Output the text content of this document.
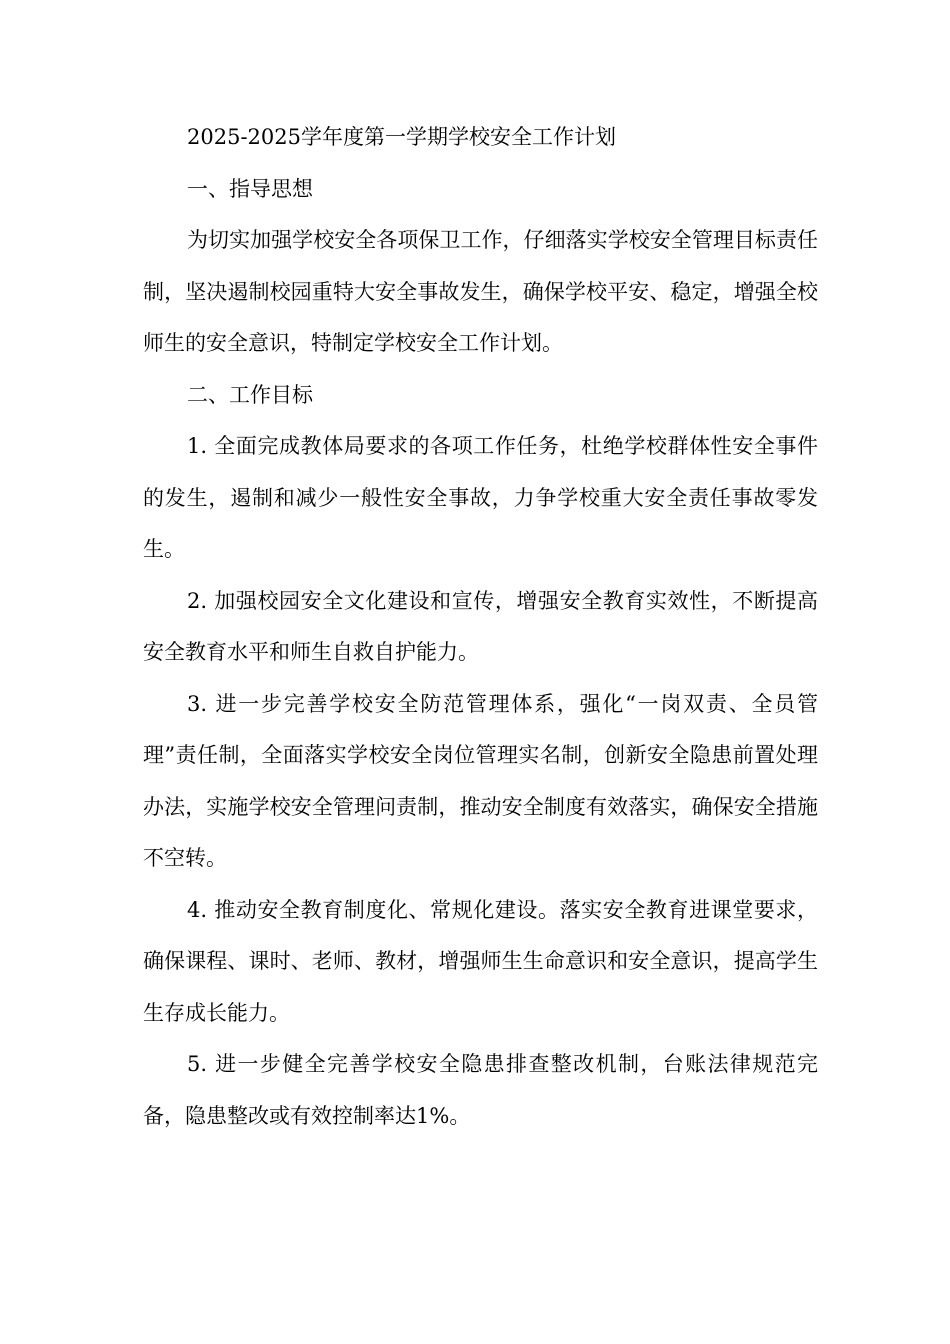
2025-2025学年度第一学期学校安全工作计划

一、指导思想

为切实加强学校安全各项保卫工作，仔细落实学校安全管理目标责任制，坚决遏制校园重特大安全事故发生，确保学校平安、稳定，增强全校师生的安全意识，特制定学校安全工作计划。

二、工作目标

1. 全面完成教体局要求的各项工作任务，杜绝学校群体性安全事件的发生，遏制和减少一般性安全事故，力争学校重大安全责任事故零发生。

2. 加强校园安全文化建设和宣传，增强安全教育实效性，不断提高安全教育水平和师生自救自护能力。

3. 进一步完善学校安全防范管理体系，强化“一岗双责、全员管理”责任制，全面落实学校安全岗位管理实名制，创新安全隐患前置处理办法，实施学校安全管理问责制，推动安全制度有效落实，确保安全措施不空转。

4. 推动安全教育制度化、常规化建设。落实安全教育进课堂要求，确保课程、课时、老师、教材，增强师生生命意识和安全意识，提高学生生存成长能力。

5. 进一步健全完善学校安全隐患排查整改机制，台账法律规范完备，隐患整改或有效控制率达1%。
